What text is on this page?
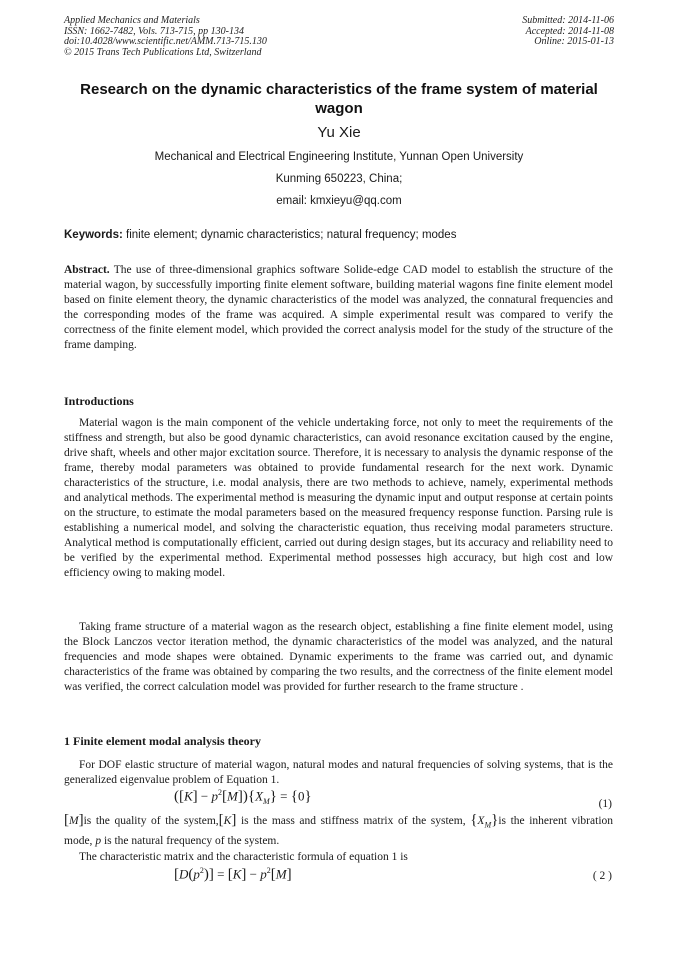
Applied Mechanics and Materials
ISSN: 1662-7482, Vols. 713-715, pp 130-134
doi:10.4028/www.scientific.net/AMM.713-715.130
© 2015 Trans Tech Publications Ltd, Switzerland
Submitted: 2014-11-06
Accepted: 2014-11-08
Online: 2015-01-13
Research on the dynamic characteristics of the frame system of material wagon
Yu Xie
Mechanical and Electrical Engineering Institute, Yunnan Open University
Kunming 650223, China;
email: kmxieyu@qq.com
Keywords: finite element; dynamic characteristics; natural frequency; modes
Abstract. The use of three-dimensional graphics software Solide-edge CAD model to establish the structure of the material wagon, by successfully importing finite element software, building material wagons fine finite element model based on finite element theory, the dynamic characteristics of the model was analyzed, the connatural frequencies and the corresponding modes of the frame was acquired. A simple experimental result was compared to verify the correctness of the finite element model, which provided the correct analysis model for the study of the structure of the frame damping.
Introductions
Material wagon is the main component of the vehicle undertaking force, not only to meet the requirements of the stiffness and strength, but also be good dynamic characteristics, can avoid resonance excitation caused by the engine, drive shaft, wheels and other major excitation source. Therefore, it is necessary to analysis the dynamic response of the frame, thereby modal parameters was obtained to provide fundamental research for the next work. Dynamic characteristics of the structure, i.e. modal analysis, there are two methods to achieve, namely, experimental methods and analytical methods. The experimental method is measuring the dynamic input and output response at certain points on the structure, to estimate the modal parameters based on the measured frequency response function. Parsing rule is establishing a numerical model, and solving the characteristic equation, thus receiving modal parameters structure. Analytical method is computationally efficient, carried out during design stages, but its accuracy and reliability need to be verified by the experimental method. Experimental method possesses high accuracy, but high cost and low efficiency owing to making model.
Taking frame structure of a material wagon as the research object, establishing a fine finite element model, using the Block Lanczos vector iteration method, the dynamic characteristics of the model was analyzed, and the natural frequencies and mode shapes were obtained. Dynamic experiments to the frame was carried out, and dynamic characteristics of the frame was obtained by comparing the two results, and the correctness of the finite element model was verified, the correct calculation model was provided for further research to the frame structure .
1 Finite element modal analysis theory
For DOF elastic structure of material wagon, natural modes and natural frequencies of solving systems, that is the generalized eigenvalue problem of Equation 1.
$([K] - p^2[M])\{X_M\} = \{0\}$	(1)
[M]is the quality of the system,[K] is the mass and stiffness matrix of the system, $\{X_M\}is$ the inherent vibration mode, p is the natural frequency of the system.
The characteristic matrix and the characteristic formula of equation 1 is
$[D(p^2)] = [K] - p^2[M]$	( 2 )
